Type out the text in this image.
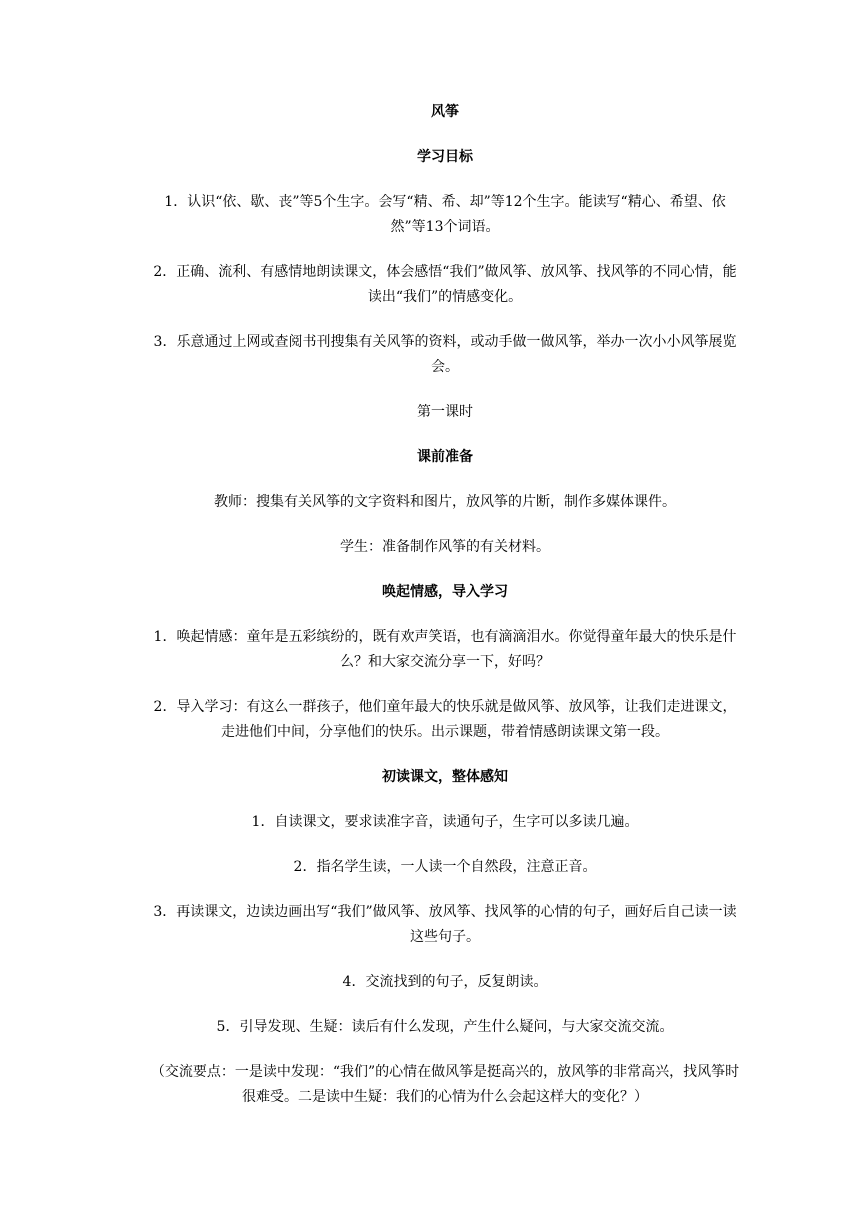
风筝
学习目标
1．认识“依、歇、丧”等5个生字。会写“精、希、却”等12个生字。能读写“精心、希望、依然”等13个词语。
2．正确、流利、有感情地朗读课文，体会感悟“我们”做风筝、放风筝、找风筝的不同心情，能读出“我们”的情感变化。
3．乐意通过上网或查阅书刊搜集有关风筝的资料，或动手做一做风筝，举办一次小小风筝展览会。
第一课时
课前准备
教师：搜集有关风筝的文字资料和图片，放风筝的片断，制作多媒体课件。
学生：准备制作风筝的有关材料。
唤起情感，导入学习
1．唤起情感：童年是五彩缤纷的，既有欢声笑语，也有滴滴泪水。你觉得童年最大的快乐是什么？和大家交流分享一下，好吗？
2．导入学习：有这么一群孩子，他们童年最大的快乐就是做风筝、放风筝，让我们走进课文，走进他们中间，分享他们的快乐。出示课题，带着情感朗读课文第一段。
初读课文，整体感知
1．自读课文，要求读准字音，读通句子，生字可以多读几遍。
2．指名学生读，一人读一个自然段，注意正音。
3．再读课文，边读边画出写“我们”做风筝、放风筝、找风筝的心情的句子，画好后自己读一读这些句子。
4．交流找到的句子，反复朗读。
5．引导发现、生疑：读后有什么发现，产生什么疑问，与大家交流交流。
（交流要点：一是读中发现：“我们”的心情在做风筝是挺高兴的，放风筝的非常高兴，找风筝时很难受。二是读中生疑：我们的心情为什么会起这样大的变化？）
